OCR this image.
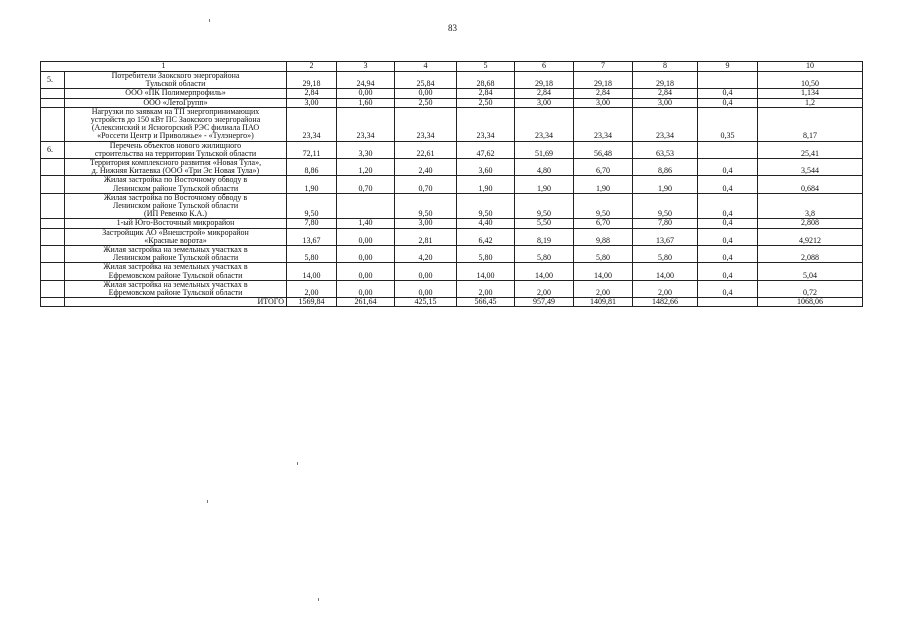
83
1		2	3	4	5	6	7	8	9	10
5.	Потребители Заокского энергорайона
Тульской области	29,18	24,94	25,84	28,68	29,18	29,18	29,18		10,50

	ООО «ПК Полимерпрофиль»	2,84	0,00	0,00	2,84	2,84	2,84	2,84	0,4	1,134

	ООО «ЛетоГрупп»	3,00	1,60	2,50	2,50	3,00	3,00	3,00	0,4	1,2

	Нагрузки по заявкам на ТП энергопринимающих
устройств до 150 кВт ПС Заокского энергорайона
(Алексинский и Ясногорский РЭС филиала ПАО
«Россети Центр и Приволжье» - «Тулэнерго»)	23,34	23,34	23,34	23,34	23,34	23,34	23,34	0,35	8,17
6.	Перечень объектов нового жилищного
строительства на территории Тульской области	72,11	3,30	22,61	47,62	51,69	56,48	63,53		25,41

	Территория комплексного развития «Новая Тула»,
д. Нижняя Китаевка (ООО «Три Эс Новая Тула»)	8,86	1,20	2,40	3,60	4,80	6,70	8,86	0,4	3,544

	Жилая застройка по Восточному обводу в
Ленинском районе Тульской области	1,90	0,70	0,70	1,90	1,90	1,90	1,90	0,4	0,684

	Жилая застройка по Восточному обводу в
Ленинском районе Тульской области
(ИП Ревенко К.А.)	9,50		9,50	9,50	9,50	9,50	9,50	0,4	3,8

	1-ый Юго-Восточный микрорайон	7,80	1,40	3,00	4,40	5,50	6,70	7,80	0,4	2,808

	Застройщик АО «Внешстрой» микрорайон
«Красные ворота»	13,67	0,00	2,81	6,42	8,19	9,88	13,67	0,4	4,9212

	Жилая застройка на земельных участках в
Ленинском районе Тульской области	5,80	0,00	4,20	5,80	5,80	5,80	5,80	0,4	2,088

	Жилая застройка на земельных участках в
Ефремовском районе Тульской области	14,00	0,00	0,00	14,00	14,00	14,00	14,00	0,4	5,04

	Жилая застройка на земельных участках в
Ефремовском районе Тульской области	2,00	0,00	0,00	2,00	2,00	2,00	2,00	0,4	0,72
	ИТОГО	1569,84	261,64	425,15	566,45	957,49	1409,81	1482,66		1068,06
